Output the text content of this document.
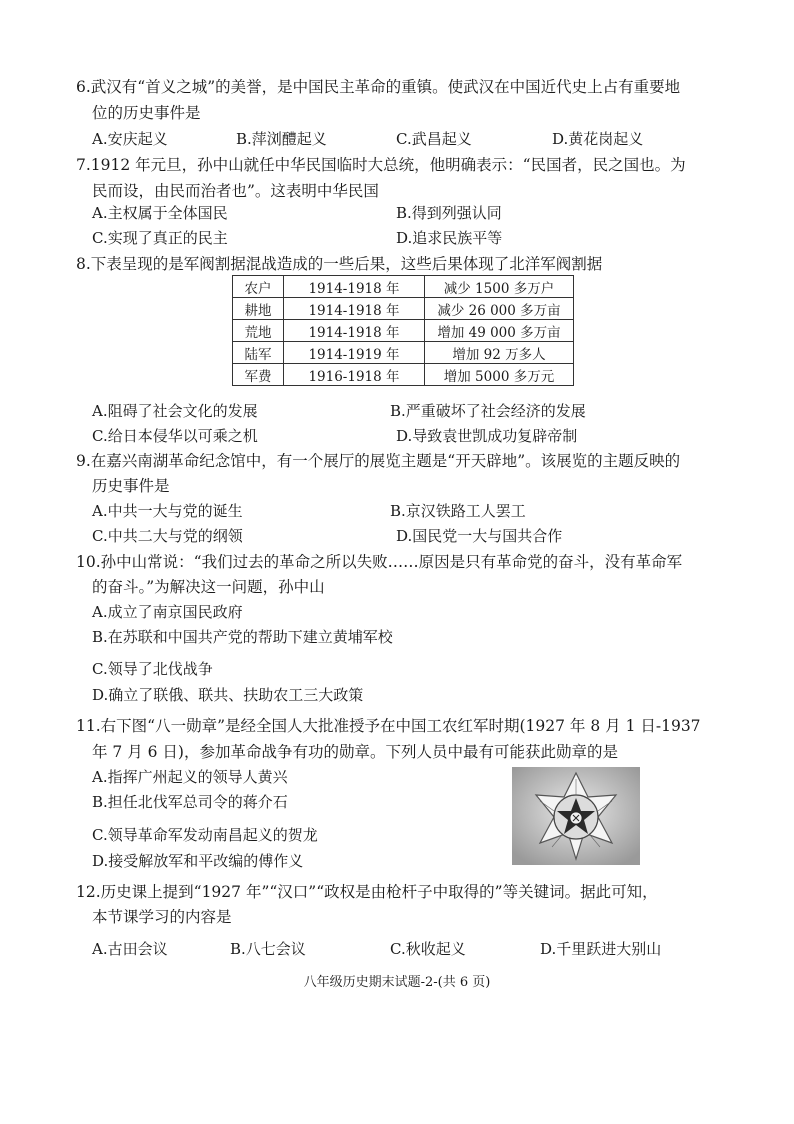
6.武汉有“首义之城”的美誉，是中国民主革命的重镇。使武汉在中国近代史上占有重要地
位的历史事件是
A.安庆起义	B.萍浏醴起义	C.武昌起义	D.黄花岗起义
7.1912 年元旦，孙中山就任中华民国临时大总统，他明确表示：“民国者，民之国也。为
民而设，由民而治者也”。这表明中华民国
A.主权属于全体国民	B.得到列强认同
C.实现了真正的民主	D.追求民族平等
8.下表呈现的是军阀割据混战造成的一些后果，这些后果体现了北洋军阀割据
农户	1914-1918 年	减少 1500 多万户
耕地	1914-1918 年	减少 26 000 多万亩
荒地	1914-1918 年	增加 49 000 多万亩
陆军	1914-1919 年	增加 92 万多人
军费	1916-1918 年	增加 5000 多万元
A.阻碍了社会文化的发展	B.严重破坏了社会经济的发展
C.给日本侵华以可乘之机	D.导致袁世凯成功复辟帝制
9.在嘉兴南湖革命纪念馆中，有一个展厅的展览主题是“开天辟地”。该展览的主题反映的
历史事件是
A.中共一大与党的诞生	B.京汉铁路工人罢工
C.中共二大与党的纲领	D.国民党一大与国共合作
10.孙中山常说：“我们过去的革命之所以失败……原因是只有革命党的奋斗，没有革命军
的奋斗。”为解决这一问题，孙中山
A.成立了南京国民政府
B.在苏联和中国共产党的帮助下建立黄埔军校
C.领导了北伐战争
D.确立了联俄、联共、扶助农工三大政策
11.右下图“八一勋章”是经全国人大批准授予在中国工农红军时期(1927 年 8 月 1 日-1937
年 7 月 6 日)，参加革命战争有功的勋章。下列人员中最有可能获此勋章的是
A.指挥广州起义的领导人黄兴
B.担任北伐军总司令的蒋介石
C.领导革命军发动南昌起义的贺龙
D.接受解放军和平改编的傅作义
12.历史课上提到“1927 年”“汉口”“政权是由枪杆子中取得的”等关键词。据此可知，
本节课学习的内容是
A.古田会议	B.八七会议	C.秋收起义	D.千里跃进大别山
八年级历史期末试题-2-(共 6 页)
